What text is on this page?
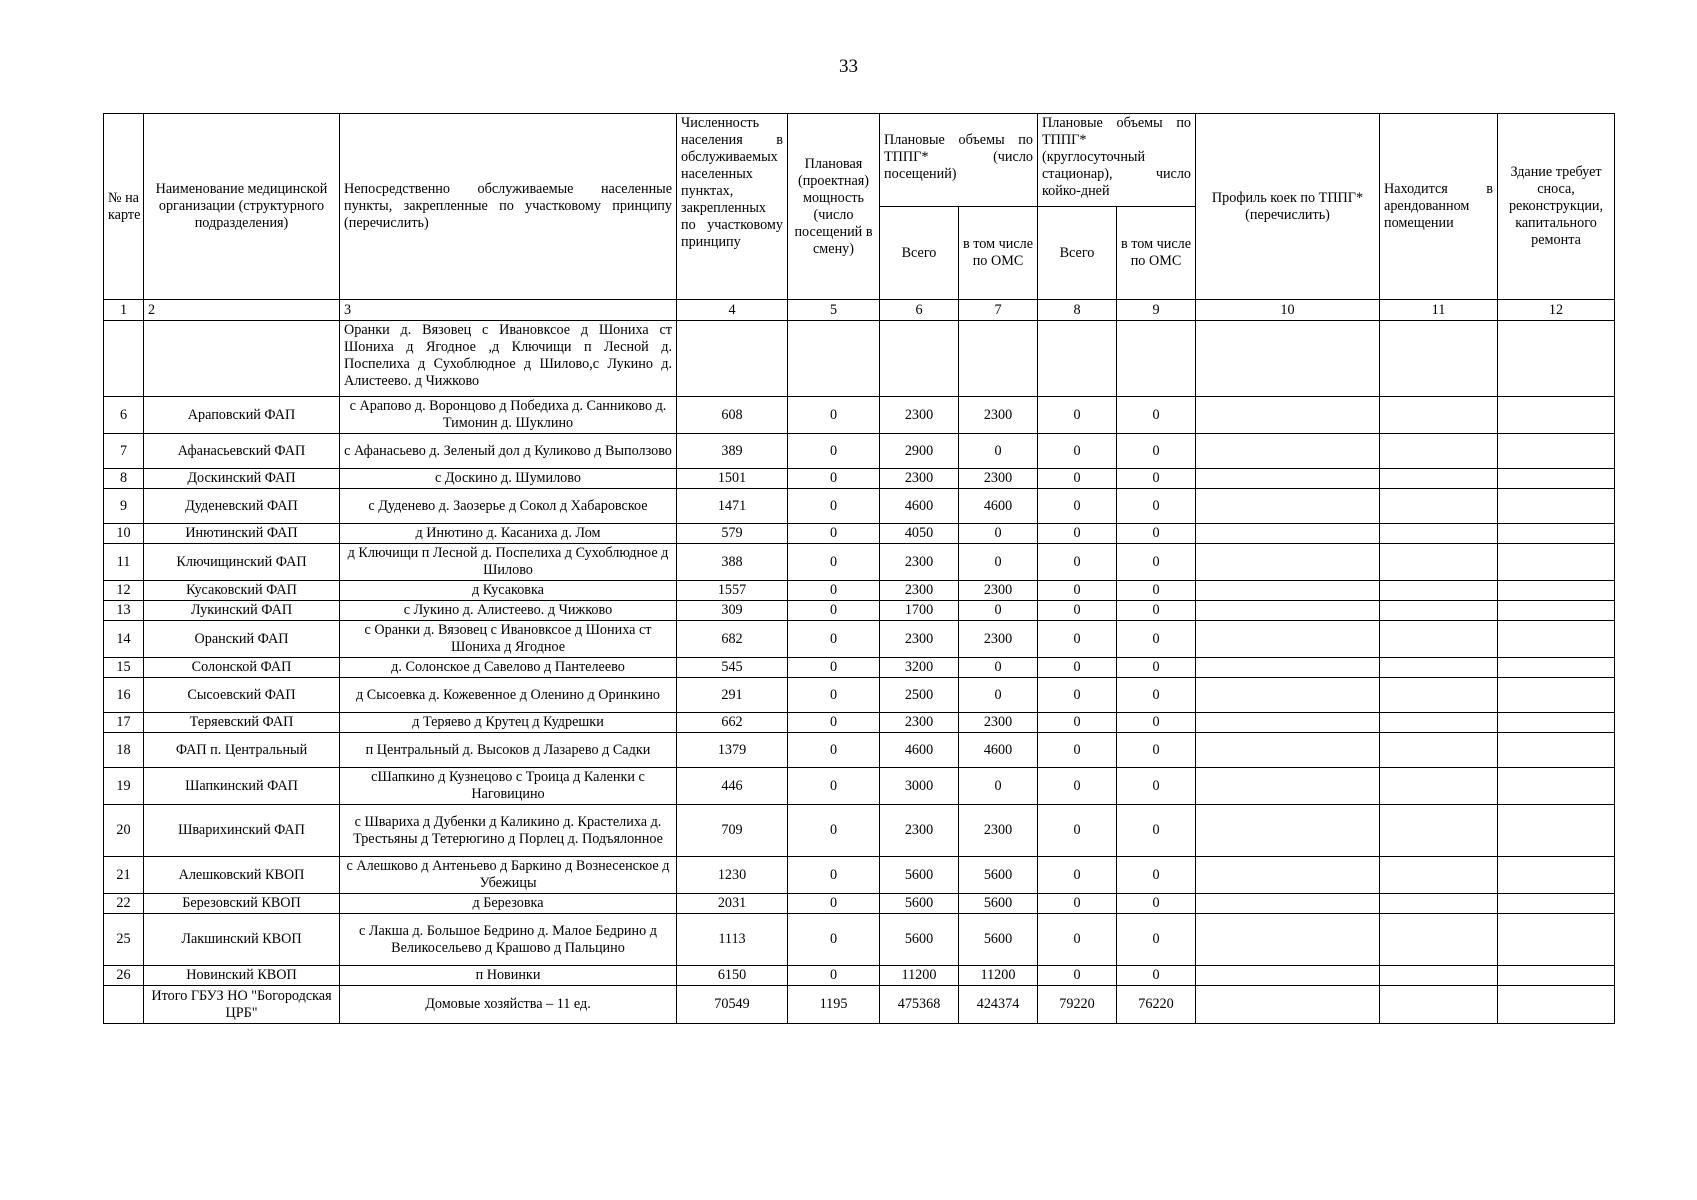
33
№ на карте	Наименование медицинской организации (структурного подразделения)	Непосредственно обслуживаемые населенные пункты, закрепленные по участковому принципу (перечислить)	Численность населения в обслуживаемых населенных пунктах, закрепленных по участковому принципу	Плановая (проектная) мощность (число посещений в смену)	Плановые объемы по ТППГ* (число посещений)		Плановые объемы по ТППГ* (круглосуточный стационар), число койко-дней		Профиль коек по ТППГ* (перечислить)	Находится в арендованном помещении	Здание требует сноса, реконструкции, капитального ремонта
					Всего	в том числе по ОМС	Всего	в том числе по ОМС			
1	2	3	4	5	6	7	8	9	10	11	12
		Оранки д. Вязовец с Ивановксое д Шониха ст Шониха д Ягодное ,д Ключищи п Лесной д. Поспелиха д Сухоблюдное д Шилово,с Лукино д. Алистеево. д Чижково									
6	Араповский ФАП	с Арапово д. Воронцово д Победиха д. Санниково д. Тимонин д. Шуклино	608	0	2300	2300	0	0			
7	Афанасьевский ФАП	с Афанасьево д. Зеленый дол д Куликово д Выползово	389	0	2900	0	0	0			
8	Доскинский ФАП	с Доскино д. Шумилово	1501	0	2300	2300	0	0			
9	Дуденевский ФАП	с Дуденево д. Заозерье д Сокол д Хабаровское	1471	0	4600	4600	0	0			
10	Инютинский ФАП	д Инютино д. Касаниха д. Лом	579	0	4050	0	0	0			
11	Ключищинский ФАП	д Ключищи п Лесной д. Поспелиха д Сухоблюдное д Шилово	388	0	2300	0	0	0			
12	Кусаковский ФАП	д Кусаковка	1557	0	2300	2300	0	0			
13	Лукинский ФАП	с Лукино д. Алистеево. д Чижково	309	0	1700	0	0	0			
14	Оранский ФАП	с Оранки д. Вязовец с Ивановксое д Шониха ст Шониха д Ягодное	682	0	2300	2300	0	0			
15	Солонской ФАП	д. Солонское д Савелово д Пантелеево	545	0	3200	0	0	0			
16	Сысоевский ФАП	д Сысоевка д. Кожевенное д Оленино д Оринкино	291	0	2500	0	0	0			
17	Теряевский ФАП	д Теряево д Крутец д Кудрешки	662	0	2300	2300	0	0			
18	ФАП п. Центральный	п Центральный д. Высоков д Лазарево д Садки	1379	0	4600	4600	0	0			
19	Шапкинский ФАП	сШапкино д Кузнецово с Троица д Каленки с Наговицино	446	0	3000	0	0	0			
20	Шварихинский ФАП	с Швариха д Дубенки д Каликино д. Крастелиха д. Трестьяны д Тетерюгино д Порлец д. Подъялонное	709	0	2300	2300	0	0			
21	Алешковский КВОП	с Алешково д Антеньево д Баркино д Вознесенское д Убежицы	1230	0	5600	5600	0	0			
22	Березовский КВОП	д Березовка	2031	0	5600	5600	0	0			
25	Лакшинский КВОП	с Лакша д. Большое Бедрино д. Малое Бедрино д Великосельево д Крашово д Пальцино	1113	0	5600	5600	0	0			
26	Новинский КВОП	п Новинки	6150	0	11200	11200	0	0			
	Итого ГБУЗ НО "Богородская ЦРБ"	Домовые хозяйства – 11 ед.	70549	1195	475368	424374	79220	76220			
